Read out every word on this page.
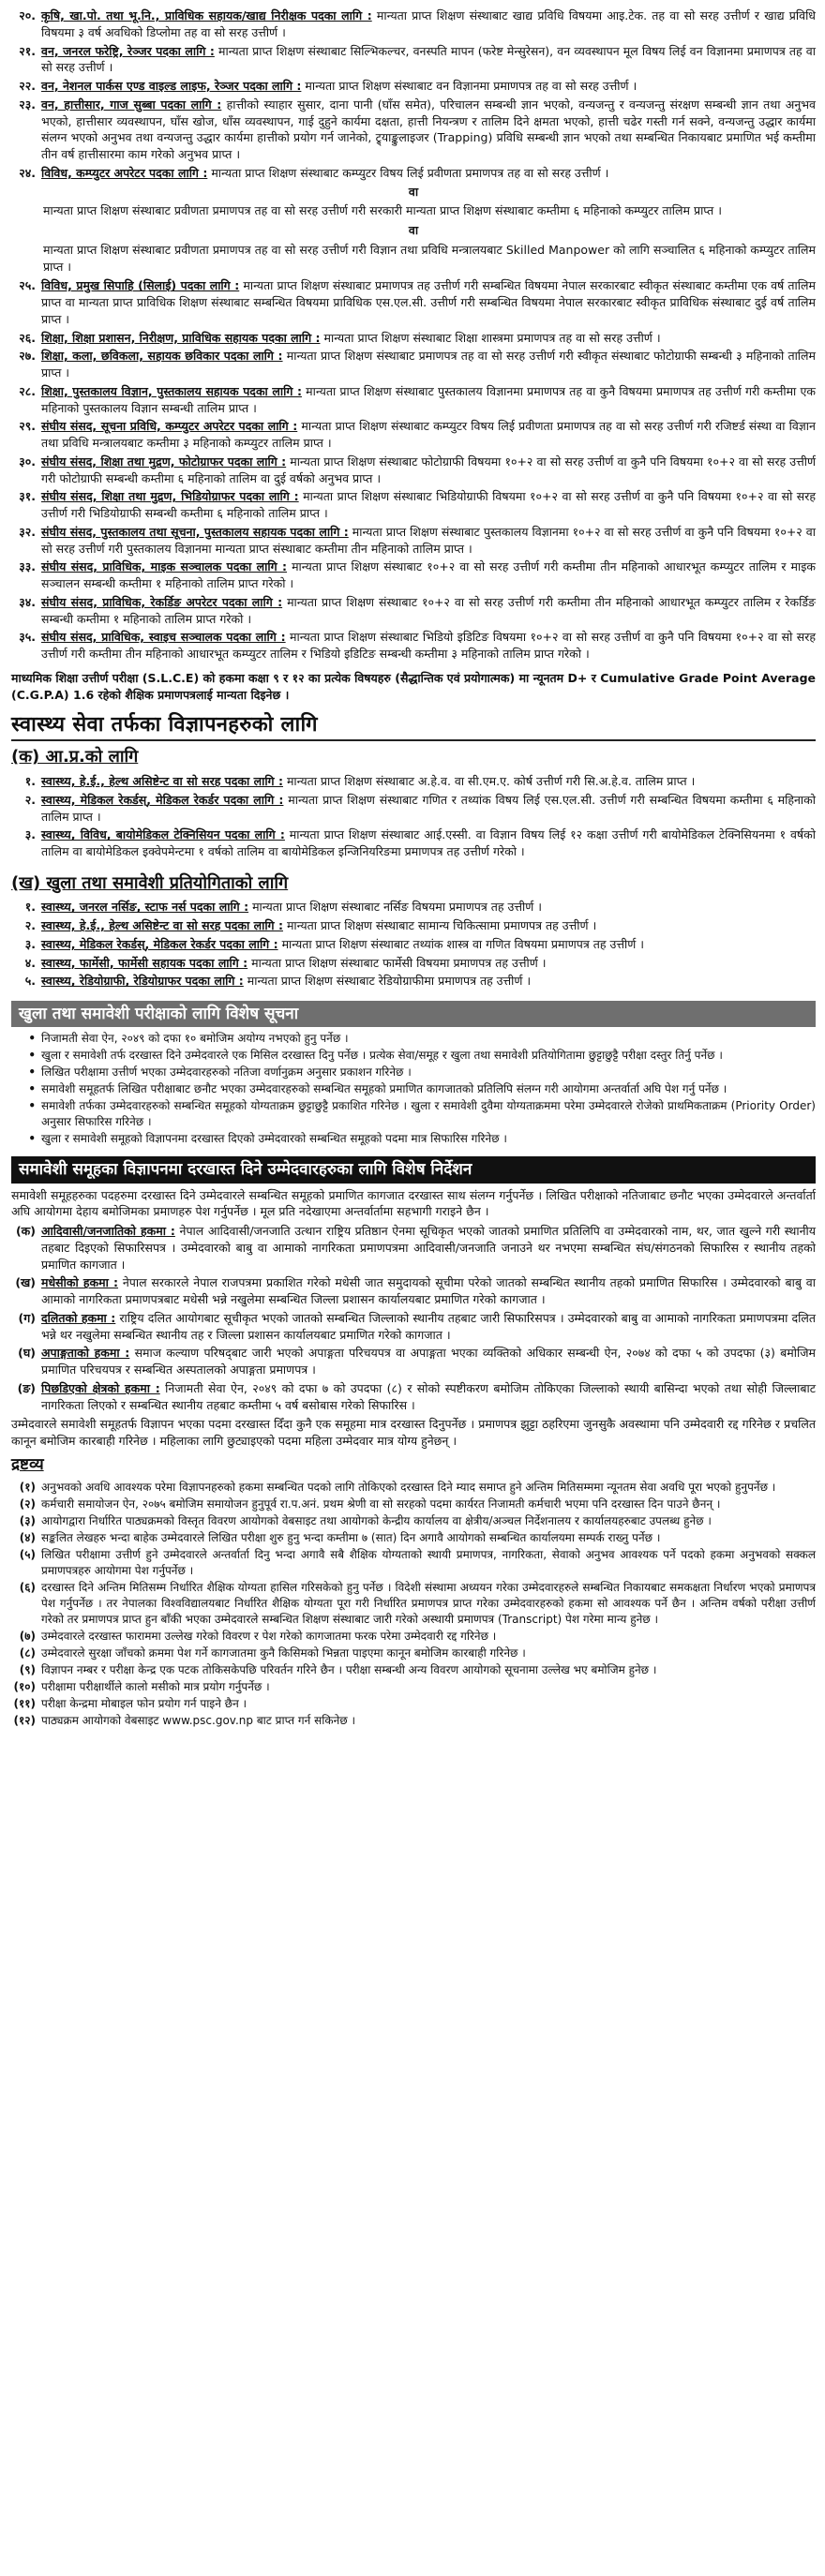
२०. कृषि, खा.पो. तथा भू.नि., प्राविधिक सहायक/खाद्य निरीक्षक पदका लागि : मान्यता प्राप्त शिक्षण संस्थाबाट खाद्य प्रविधि विषयमा आइ.टेक. तह वा सो सरह उत्तीर्ण र खाद्य प्रविधि विषयमा ३ वर्ष अवधिको डिप्लोमा तह वा सो सरह उत्तीर्ण ।
२१. वन, जनरल फरेष्ट्रि, रेञ्जर पदका लागि : मान्यता प्राप्त शिक्षण संस्थाबाट सिल्भिकल्चर, वनस्पति मापन (फरेष्ट मेन्सुरेसन), वन व्यवस्थापन मूल विषय लिई वन विज्ञानमा प्रमाणपत्र तह वा सो सरह उत्तीर्ण ।
२२. वन, नेशनल पार्कस एण्ड वाइल्ड लाइफ, रेञ्जर पदका लागि : मान्यता प्राप्त शिक्षण संस्थाबाट वन विज्ञानमा प्रमाणपत्र तह वा सो सरह उत्तीर्ण ।
२३. वन, हात्तीसार, गाज सुब्बा पदका लागि : हात्तीको स्याहार सुसार, दाना पानी (घाँस समेत), परिचालन सम्बन्धी ज्ञान भएको, वन्यजन्तु र वन्यजन्तु संरक्षण सम्बन्धी ज्ञान तथा अनुभव भएको, हात्तीसार व्यवस्थापन, घाँस खोज, धाँस व्यवस्थापन, गाई दुहुने कार्यमा दक्षता, हात्ती नियन्त्रण र तालिम दिने क्षमता भएको, हात्ती चढेर गस्ती गर्न सक्ने, वन्यजन्तु उद्धार कार्यमा संलग्न भएको अनुभव तथा वन्यजन्तु उद्धार कार्यमा हात्तीको प्रयोग गर्न जानेको, ट्र्याङ्कुलाइजर (Trapping) प्रविधि सम्बन्धी ज्ञान भएको तथा सम्बन्धित निकायबाट प्रमाणित भई कम्तीमा तीन वर्ष हात्तीसारमा काम गरेको अनुभव प्राप्त ।
२४. विविध, कम्प्युटर अपरेटर पदका लागि : मान्यता प्राप्त शिक्षण संस्थाबाट कम्प्युटर विषय लिई प्रवीणता प्रमाणपत्र तह वा सो सरह उत्तीर्ण ।
वा
मान्यता प्राप्त शिक्षण संस्थाबाट प्रवीणता प्रमाणपत्र तह वा सो सरह उत्तीर्ण गरी सरकारी मान्यता प्राप्त शिक्षण संस्थाबाट कम्तीमा ६ महिनाको कम्प्युटर तालिम प्राप्त ।
वा
मान्यता प्राप्त शिक्षण संस्थाबाट प्रवीणता प्रमाणपत्र तह वा सो सरह उत्तीर्ण गरी विज्ञान तथा प्रविधि मन्त्रालयबाट Skilled Manpower को लागि सञ्चालित ६ महिनाको कम्प्युटर तालिम प्राप्त ।
२५. विविध, प्रमुख सिपाहि (सिलाई) पदका लागि : मान्यता प्राप्त शिक्षण संस्थाबाट प्रमाणपत्र तह उत्तीर्ण गरी सम्बन्धित विषयमा नेपाल सरकारबाट स्वीकृत संस्थाबाट कम्तीमा एक वर्ष तालिम प्राप्त वा मान्यता प्राप्त प्राविधिक शिक्षण संस्थाबाट सम्बन्धित विषयमा प्राविधिक एस.एल.सी. उत्तीर्ण गरी सम्बन्धित विषयमा नेपाल सरकारबाट स्वीकृत प्राविधिक संस्थाबाट दुई वर्ष तालिम प्राप्त ।
२६. शिक्षा, शिक्षा प्रशासन, निरीक्षण, प्राविधिक सहायक पदका लागि : मान्यता प्राप्त शिक्षण संस्थाबाट शिक्षा शास्त्रमा प्रमाणपत्र तह वा सो सरह उत्तीर्ण ।
२७. शिक्षा, कला, छविकला, सहायक छविकार पदका लागि : मान्यता प्राप्त शिक्षण संस्थाबाट प्रमाणपत्र तह वा सो सरह उत्तीर्ण गरी स्वीकृत संस्थाबाट फोटोग्राफी सम्बन्धी ३ महिनाको तालिम प्राप्त ।
२८. शिक्षा, पुस्तकालय विज्ञान, पुस्तकालय सहायक पदका लागि : मान्यता प्राप्त शिक्षण संस्थाबाट पुस्तकालय विज्ञानमा प्रमाणपत्र तह वा कुनै विषयमा प्रमाणपत्र तह उत्तीर्ण गरी कम्तीमा एक महिनाको पुस्तकालय विज्ञान सम्बन्धी तालिम प्राप्त ।
२९. संघीय संसद, सूचना प्रविधि, कम्प्युटर अपरेटर पदका लागि : मान्यता प्राप्त शिक्षण संस्थाबाट कम्प्युटर विषय लिई प्रवीणता प्रमाणपत्र तह वा सो सरह उत्तीर्ण गरी रजिष्टर्ड संस्था वा विज्ञान तथा प्रविधि मन्त्रालयबाट कम्तीमा ३ महिनाको कम्प्युटर तालिम प्राप्त ।
३०. संघीय संसद, शिक्षा तथा मुद्रण, फोटोग्राफर पदका लागि : मान्यता प्राप्त शिक्षण संस्थाबाट फोटोग्राफी विषयमा १०+२ वा सो सरह उत्तीर्ण वा कुनै पनि विषयमा १०+२ वा सो सरह उत्तीर्ण गरी फोटोग्राफी सम्बन्धी कम्तीमा ६ महिनाको तालिम वा दुई वर्षको अनुभव प्राप्त ।
३१. संघीय संसद, शिक्षा तथा मुद्रण, भिडियोग्राफर पदका लागि : मान्यता प्राप्त शिक्षण संस्थाबाट भिडियोग्राफी विषयमा १०+२ वा सो सरह उत्तीर्ण वा कुनै पनि विषयमा १०+२ वा सो सरह उत्तीर्ण गरी भिडियोग्राफी सम्बन्धी कम्तीमा ६ महिनाको तालिम प्राप्त ।
३२. संघीय संसद, पुस्तकालय तथा सूचना, पुस्तकालय सहायक पदका लागि : मान्यता प्राप्त शिक्षण संस्थाबाट पुस्तकालय विज्ञानमा १०+२ वा सो सरह उत्तीर्ण वा कुनै पनि विषयमा १०+२ वा सो सरह उत्तीर्ण गरी पुस्तकालय विज्ञानमा मान्यता प्राप्त संस्थाबाट कम्तीमा तीन महिनाको तालिम प्राप्त ।
३३. संघीय संसद, प्राविधिक, माइक सञ्चालक पदका लागि : मान्यता प्राप्त शिक्षण संस्थाबाट १०+२ वा सो सरह उत्तीर्ण गरी कम्तीमा तीन महिनाको आधारभूत कम्प्युटर तालिम र माइक सञ्चालन सम्बन्धी कम्तीमा १ महिनाको तालिम प्राप्त गरेको ।
३४. संघीय संसद, प्राविधिक, रेकर्डिङ अपरेटर पदका लागि : मान्यता प्राप्त शिक्षण संस्थाबाट १०+२ वा सो सरह उत्तीर्ण गरी कम्तीमा तीन महिनाको आधारभूत कम्प्युटर तालिम र रेकर्डिङ सम्बन्धी कम्तीमा १ महिनाको तालिम प्राप्त गरेको ।
३५. संघीय संसद, प्राविधिक, स्वाइच सञ्चालक पदका लागि : मान्यता प्राप्त शिक्षण संस्थाबाट भिडियो इडिटिङ विषयमा १०+२ वा सो सरह उत्तीर्ण वा कुनै पनि विषयमा १०+२ वा सो सरह उत्तीर्ण गरी कम्तीमा तीन महिनाको आधारभूत कम्प्युटर तालिम र भिडियो इडिटिङ सम्बन्धी कम्तीमा ३ महिनाको तालिम प्राप्त गरेको ।
माध्यमिक शिक्षा उत्तीर्ण परीक्षा (S.L.C.E) को हकमा कक्षा ९ र १२ का प्रत्येक विषयहरु (सैद्धान्तिक एवं प्रयोगात्मक) मा न्यूनतम D+ र Cumulative Grade Point Average (C.G.P.A) 1.6 रहेको शैक्षिक प्रमाणपत्रलाई मान्यता दिइनेछ ।
स्वास्थ्य सेवा तर्फका विज्ञापनहरुको लागि
(क) आ.प्र.को लागि
१. स्वास्थ्य, हे.ई., हेल्थ असिष्टेन्ट वा सो सरह पदका लागि : मान्यता प्राप्त शिक्षण संस्थाबाट अ.हे.व. वा सी.एम.ए. कोर्ष उत्तीर्ण गरी सि.अ.हे.व. तालिम प्राप्त ।
२. स्वास्थ्य, मेडिकल रेकर्डस्, मेडिकल रेकर्डर पदका लागि : मान्यता प्राप्त शिक्षण संस्थाबाट गणित र तथ्यांक विषय लिई एस.एल.सी. उत्तीर्ण गरी सम्बन्धित विषयमा कम्तीमा ६ महिनाको तालिम प्राप्त ।
३. स्वास्थ्य, विविध, बायोमेडिकल टेक्निसियन पदका लागि : मान्यता प्राप्त शिक्षण संस्थाबाट आई.एस्सी. वा विज्ञान विषय लिई १२ कक्षा उत्तीर्ण गरी बायोमेडिकल टेक्निसियनमा १ वर्षको तालिम वा बायोमेडिकल इक्वेपमेन्टमा १ वर्षको तालिम वा बायोमेडिकल इन्जिनियरिङमा प्रमाणपत्र तह उत्तीर्ण गरेको ।
(ख) खुला तथा समावेशी प्रतियोगिताको लागि
१. स्वास्थ्य, जनरल नर्सिङ, स्टाफ नर्स पदका लागि : मान्यता प्राप्त शिक्षण संस्थाबाट नर्सिङ विषयमा प्रमाणपत्र तह उत्तीर्ण ।
२. स्वास्थ्य, हे.ई., हेल्थ असिष्टेन्ट वा सो सरह पदका लागि : मान्यता प्राप्त शिक्षण संस्थाबाट सामान्य चिकित्सामा प्रमाणपत्र तह उत्तीर्ण ।
३. स्वास्थ्य, मेडिकल रेकर्डस्, मेडिकल रेकर्डर पदका लागि : मान्यता प्राप्त शिक्षण संस्थाबाट तथ्यांक शास्त्र वा गणित विषयमा प्रमाणपत्र तह उत्तीर्ण ।
४. स्वास्थ्य, फार्मेसी, फार्मेसी सहायक पदका लागि : मान्यता प्राप्त शिक्षण संस्थाबाट फार्मेसी विषयमा प्रमाणपत्र तह उत्तीर्ण ।
५. स्वास्थ्य, रेडियोग्राफी, रेडियोग्राफर पदका लागि : मान्यता प्राप्त शिक्षण संस्थाबाट रेडियोग्राफीमा प्रमाणपत्र तह उत्तीर्ण ।
खुला तथा समावेशी परीक्षाको लागि विशेष सूचना
• निजामती सेवा ऐन, २०४९ को दफा १० बमोजिम अयोग्य नभएको हुनु पर्नेछ ।
• खुला र समावेशी तर्फ दरखास्त दिने उम्मेदवारले एक मिसिल दरखास्त दिनु पर्नेछ । प्रत्येक सेवा/समूह र खुला तथा समावेशी प्रतियोगितामा छुट्टाछुट्टै परीक्षा दस्तुर तिर्नु पर्नेछ ।
• लिखित परीक्षामा उत्तीर्ण भएका उम्मेदवारहरुको नतिजा वर्णानुक्रम अनुसार प्रकाशन गरिनेछ ।
• समावेशी समूहतर्फ लिखित परीक्षाबाट छनौट भएका उम्मेदवारहरुको सम्बन्धित समूहको प्रमाणित कागजातको प्रतिलिपि संलग्न गरी आयोगमा अन्तर्वार्ता अघि पेश गर्नु पर्नेछ ।
• समावेशी तर्फका उम्मेदवारहरुको सम्बन्धित समूहको योग्यताक्रम छुट्टाछुट्टै प्रकाशित गरिनेछ । खुला र समावेशी दुवैमा योग्यताक्रममा परेमा उम्मेदवारले रोजेको प्राथमिकताक्रम (Priority Order) अनुसार सिफारिस गरिनेछ ।
• खुला र समावेशी समूहको विज्ञापनमा दरखास्त दिएको उम्मेदवारको सम्बन्धित समूहको पदमा मात्र सिफारिस गरिनेछ ।
समावेशी समूहका विज्ञापनमा दरखास्त दिने उम्मेदवारहरुका लागि विशेष निर्देशन
समावेशी समूहहरुका पदहरुमा दरखास्त दिने उम्मेदवारले सम्बन्धित समूहको प्रमाणित कागजात दरखास्त साथ संलग्न गर्नुपर्नेछ । लिखित परीक्षाको नतिजाबाट छनौट भएका उम्मेदवारले अन्तर्वार्ता अघि आयोगमा देहाय बमोजिमका प्रमाणहरु पेश गर्नुपर्नेछ । मूल प्रति नदेखाएमा अन्तर्वार्तामा सहभागी गराइने छैन ।
(क) आदिवासी/जनजातिको हकमा : नेपाल आदिवासी/जनजाति उत्थान राष्ट्रिय प्रतिष्ठान ऐनमा सूचिकृत भएको जातको प्रमाणित प्रतिलिपि वा उम्मेदवारको नाम, थर, जात खुल्ने गरी स्थानीय तहबाट दिइएको सिफारिसपत्र । उम्मेदवारको बाबु वा आमाको नागरिकता प्रमाणपत्रमा आदिवासी/जनजाति जनाउने थर नभएमा सम्बन्धित संघ/संगठनको सिफारिस र स्थानीय तहको प्रमाणित कागजात ।
(ख) मधेसीको हकमा : नेपाल सरकारले नेपाल राजपत्रमा प्रकाशित गरेको मधेसी जात समुदायको सूचीमा परेको जातको सम्बन्धित स्थानीय तहको प्रमाणित सिफारिस । उम्मेदवारको बाबु वा आमाको नागरिकता प्रमाणपत्रबाट मधेसी भन्ने नखुलेमा सम्बन्धित जिल्ला प्रशासन कार्यालयबाट प्रमाणित गरेको कागजात ।
(ग) दलितको हकमा : राष्ट्रिय दलित आयोगबाट सूचीकृत भएको जातको सम्बन्धित जिल्लाको स्थानीय तहबाट जारी सिफारिसपत्र । उम्मेदवारको बाबु वा आमाको नागरिकता प्रमाणपत्रमा दलित भन्ने थर नखुलेमा सम्बन्धित स्थानीय तह र जिल्ला प्रशासन कार्यालयबाट प्रमाणित गरेको कागजात ।
(घ) अपाङ्गताको हकमा : समाज कल्याण परिषद्‌बाट जारी भएको अपाङ्गता परिचयपत्र वा अपाङ्गता भएका व्यक्तिको अधिकार सम्बन्धी ऐन, २०७४ को दफा ५ को उपदफा (३) बमोजिम प्रमाणित परिचयपत्र र सम्बन्धित अस्पतालको अपाङ्गता प्रमाणपत्र ।
(ङ) पिछडिएको क्षेत्रको हकमा : निजामती सेवा ऐन, २०४९ को दफा ७ को उपदफा (८) र सोको स्पष्टीकरण बमोजिम तोकिएका जिल्लाको स्थायी बासिन्दा भएको तथा सोही जिल्लाबाट नागरिकता लिएको र सम्बन्धित स्थानीय तहबाट कम्तीमा ५ वर्ष बसोबास गरेको सिफारिस ।
उम्मेदवारले समावेशी समूहतर्फ विज्ञापन भएका पदमा दरखास्त दिँदा कुनै एक समूहमा मात्र दरखास्त दिनुपर्नेछ । प्रमाणपत्र झुट्टा ठहरिएमा जुनसुकै अवस्थामा पनि उम्मेदवारी रद्द गरिनेछ र प्रचलित कानून बमोजिम कारबाही गरिनेछ । महिलाका लागि छुट्याइएको पदमा महिला उम्मेदवार मात्र योग्य हुनेछन् ।
द्रष्टव्य
(१) अनुभवको अवधि आवश्यक परेमा विज्ञापनहरुको हकमा सम्बन्धित पदको लागि तोकिएको दरखास्त दिने म्याद समाप्त हुने अन्तिम मितिसम्ममा न्यूनतम सेवा अवधि पूरा भएको हुनुपर्नेछ ।
(२) कर्मचारी समायोजन ऐन, २०७५ बमोजिम समायोजन हुनुपूर्व रा.प.अनं. प्रथम श्रेणी वा सो सरहको पदमा कार्यरत निजामती कर्मचारी भएमा पनि दरखास्त दिन पाउने छैनन् ।
(३) आयोगद्वारा निर्धारित पाठ्यक्रमको विस्तृत विवरण आयोगको वेबसाइट तथा आयोगको केन्द्रीय कार्यालय वा क्षेत्रीय/अञ्चल निर्देशनालय र कार्यालयहरुबाट उपलब्ध हुनेछ ।
(४) सङ्कलित लेखहरु भन्दा बाहेक उम्मेदवारले लिखित परीक्षा शुरु हुनु भन्दा कम्तीमा ७ (सात) दिन अगावै आयोगको सम्बन्धित कार्यालयमा सम्पर्क राख्नु पर्नेछ ।
(५) लिखित परीक्षामा उत्तीर्ण हुने उम्मेदवारले अन्तर्वार्ता दिनु भन्दा अगावै सबै शैक्षिक योग्यताको स्थायी प्रमाणपत्र, नागरिकता, सेवाको अनुभव आवश्यक पर्ने पदको हकमा अनुभवको सक्कल प्रमाणपत्रहरु आयोगमा पेश गर्नुपर्नेछ ।
(६) दरखास्त दिने अन्तिम मितिसम्म निर्धारित शैक्षिक योग्यता हासिल गरिसकेको हुनु पर्नेछ । विदेशी संस्थामा अध्ययन गरेका उम्मेदवारहरुले सम्बन्धित निकायबाट समकक्षता निर्धारण भएको प्रमाणपत्र पेश गर्नुपर्नेछ । तर नेपालका विश्वविद्यालयबाट निर्धारित शैक्षिक योग्यता पूरा गरी निर्धारित प्रमाणपत्र प्राप्त गरेका उम्मेदवारहरुको हकमा सो आवश्यक पर्ने छैन । अन्तिम वर्षको परीक्षा उत्तीर्ण गरेको तर प्रमाणपत्र प्राप्त हुन बाँकी भएका उम्मेदवारले सम्बन्धित शिक्षण संस्थाबाट जारी गरेको अस्थायी प्रमाणपत्र (Transcript) पेश गरेमा मान्य हुनेछ ।
(७) उम्मेदवारले दरखास्त फाराममा उल्लेख गरेको विवरण र पेश गरेको कागजातमा फरक परेमा उम्मेदवारी रद्द गरिनेछ ।
(८) उम्मेदवारले सुरक्षा जाँचको क्रममा पेश गर्ने कागजातमा कुनै किसिमको भिन्नता पाइएमा कानून बमोजिम कारबाही गरिनेछ ।
(९) विज्ञापन नम्बर र परीक्षा केन्द्र एक पटक तोकिसकेपछि परिवर्तन गरिने छैन । परीक्षा सम्बन्धी अन्य विवरण आयोगको सूचनामा उल्लेख भए बमोजिम हुनेछ ।
(१०) परीक्षामा परीक्षार्थीले कालो मसीको मात्र प्रयोग गर्नुपर्नेछ ।
(११) परीक्षा केन्द्रमा मोबाइल फोन प्रयोग गर्न पाइने छैन ।
(१२) पाठ्यक्रम आयोगको वेबसाइट www.psc.gov.np बाट प्राप्त गर्न सकिनेछ ।
